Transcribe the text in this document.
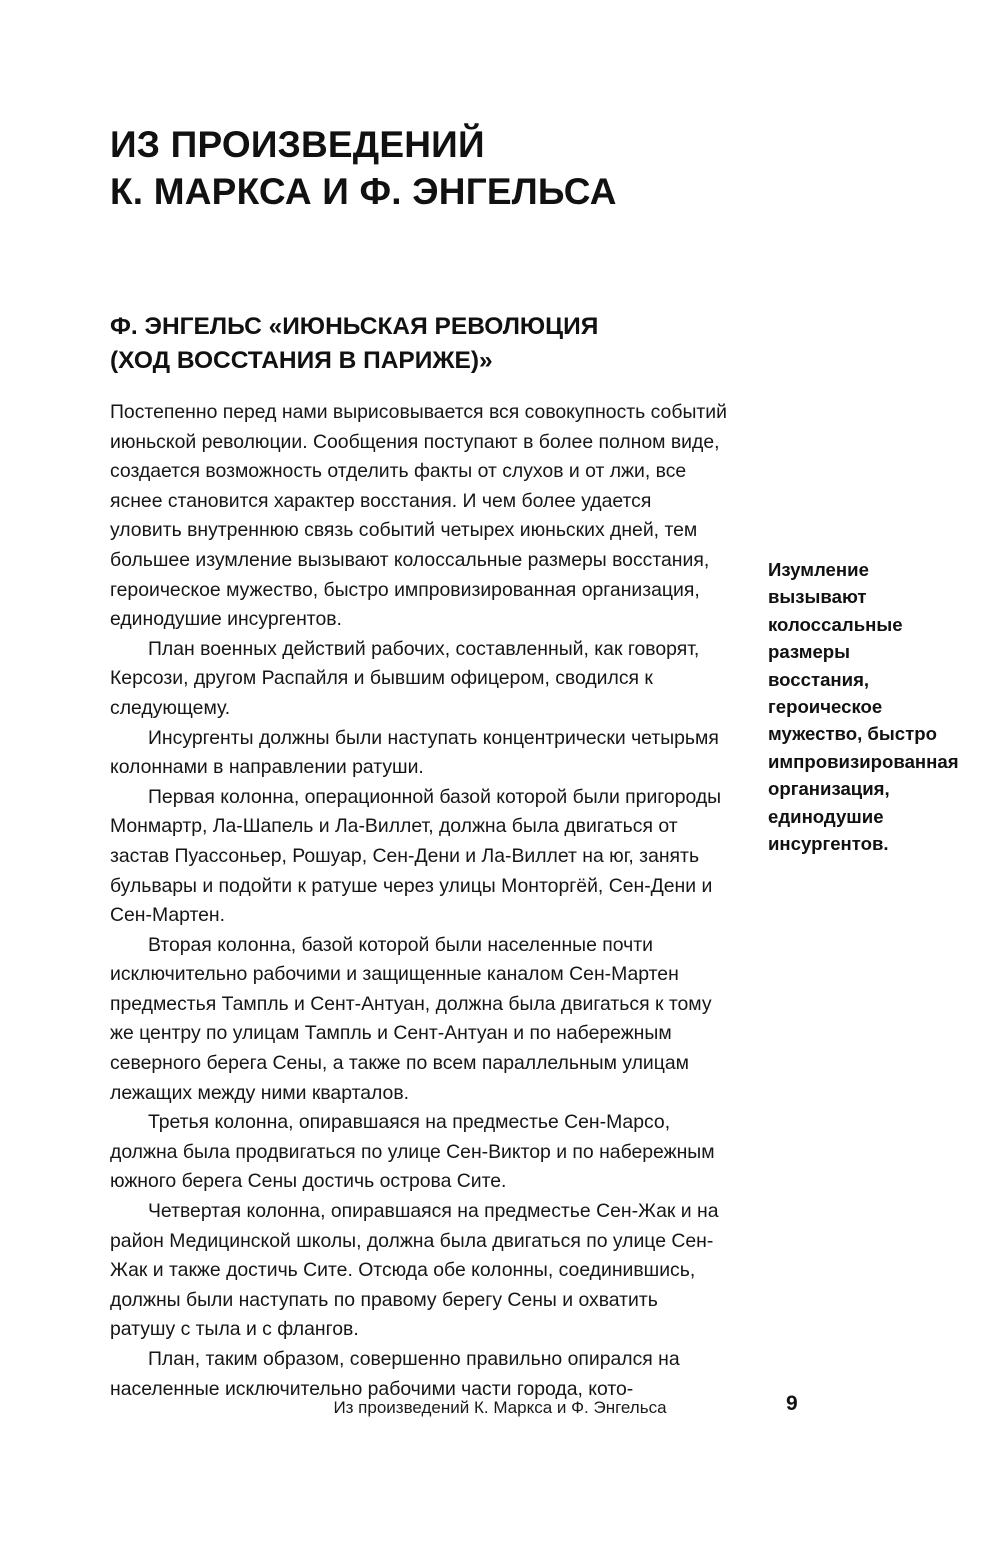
ИЗ ПРОИЗВЕДЕНИЙ
К. МАРКСА И Ф. ЭНГЕЛЬСА
Ф. ЭНГЕЛЬС «ИЮНЬСКАЯ РЕВОЛЮЦИЯ
(ХОД ВОССТАНИЯ В ПАРИЖЕ)»

Постепенно перед нами вырисовывается вся совокупность событий июньской революции. Сообщения поступают в более полном виде, создается возможность отделить факты от слухов и от лжи, все яснее становится характер восстания. И чем более удается уловить внутреннюю связь событий четырех июньских дней, тем большее изумление вызывают колоссальные размеры восстания, героическое мужество, быстро импровизированная организация, единодушие инсургентов.

План военных действий рабочих, составленный, как говорят, Керсози, другом Распайля и бывшим офицером, сводился к следующему.

Инсургенты должны были наступать концентрически четырьмя колоннами в направлении ратуши.

Первая колонна, операционной базой которой были пригороды Монмартр, Ла-Шапель и Ла-Виллет, должна была двигаться от застав Пуассоньер, Рошуар, Сен-Дени и Ла-Виллет на юг, занять бульвары и подойти к ратуше через улицы Монторгёй, Сен-Дени и Сен-Мартен.

Вторая колонна, базой которой были населенные почти исключительно рабочими и защищенные каналом Сен-Мартен предместья Тампль и Сент-Антуан, должна была двигаться к тому же центру по улицам Тампль и Сент-Антуан и по набережным северного берега Сены, а также по всем параллельным улицам лежащих между ними кварталов.

Третья колонна, опиравшаяся на предместье Сен-Марсо, должна была продвигаться по улице Сен-Виктор и по набережным южного берега Сены достичь острова Сите.

Четвертая колонна, опиравшаяся на предместье Сен-Жак и на район Медицинской школы, должна была двигаться по улице Сен-Жак и также достичь Сите. Отсюда обе колонны, соединившись, должны были наступать по правому берегу Сены и охватить ратушу с тыла и с флангов.

План, таким образом, совершенно правильно опирался на населенные исключительно рабочими части города, кото-

Изумление вызывают колоссальные размеры восстания, героическое мужество, быстро импровизированная организация, единодушие инсургентов.
Из произведений К. Маркса и Ф. Энгельса	9
